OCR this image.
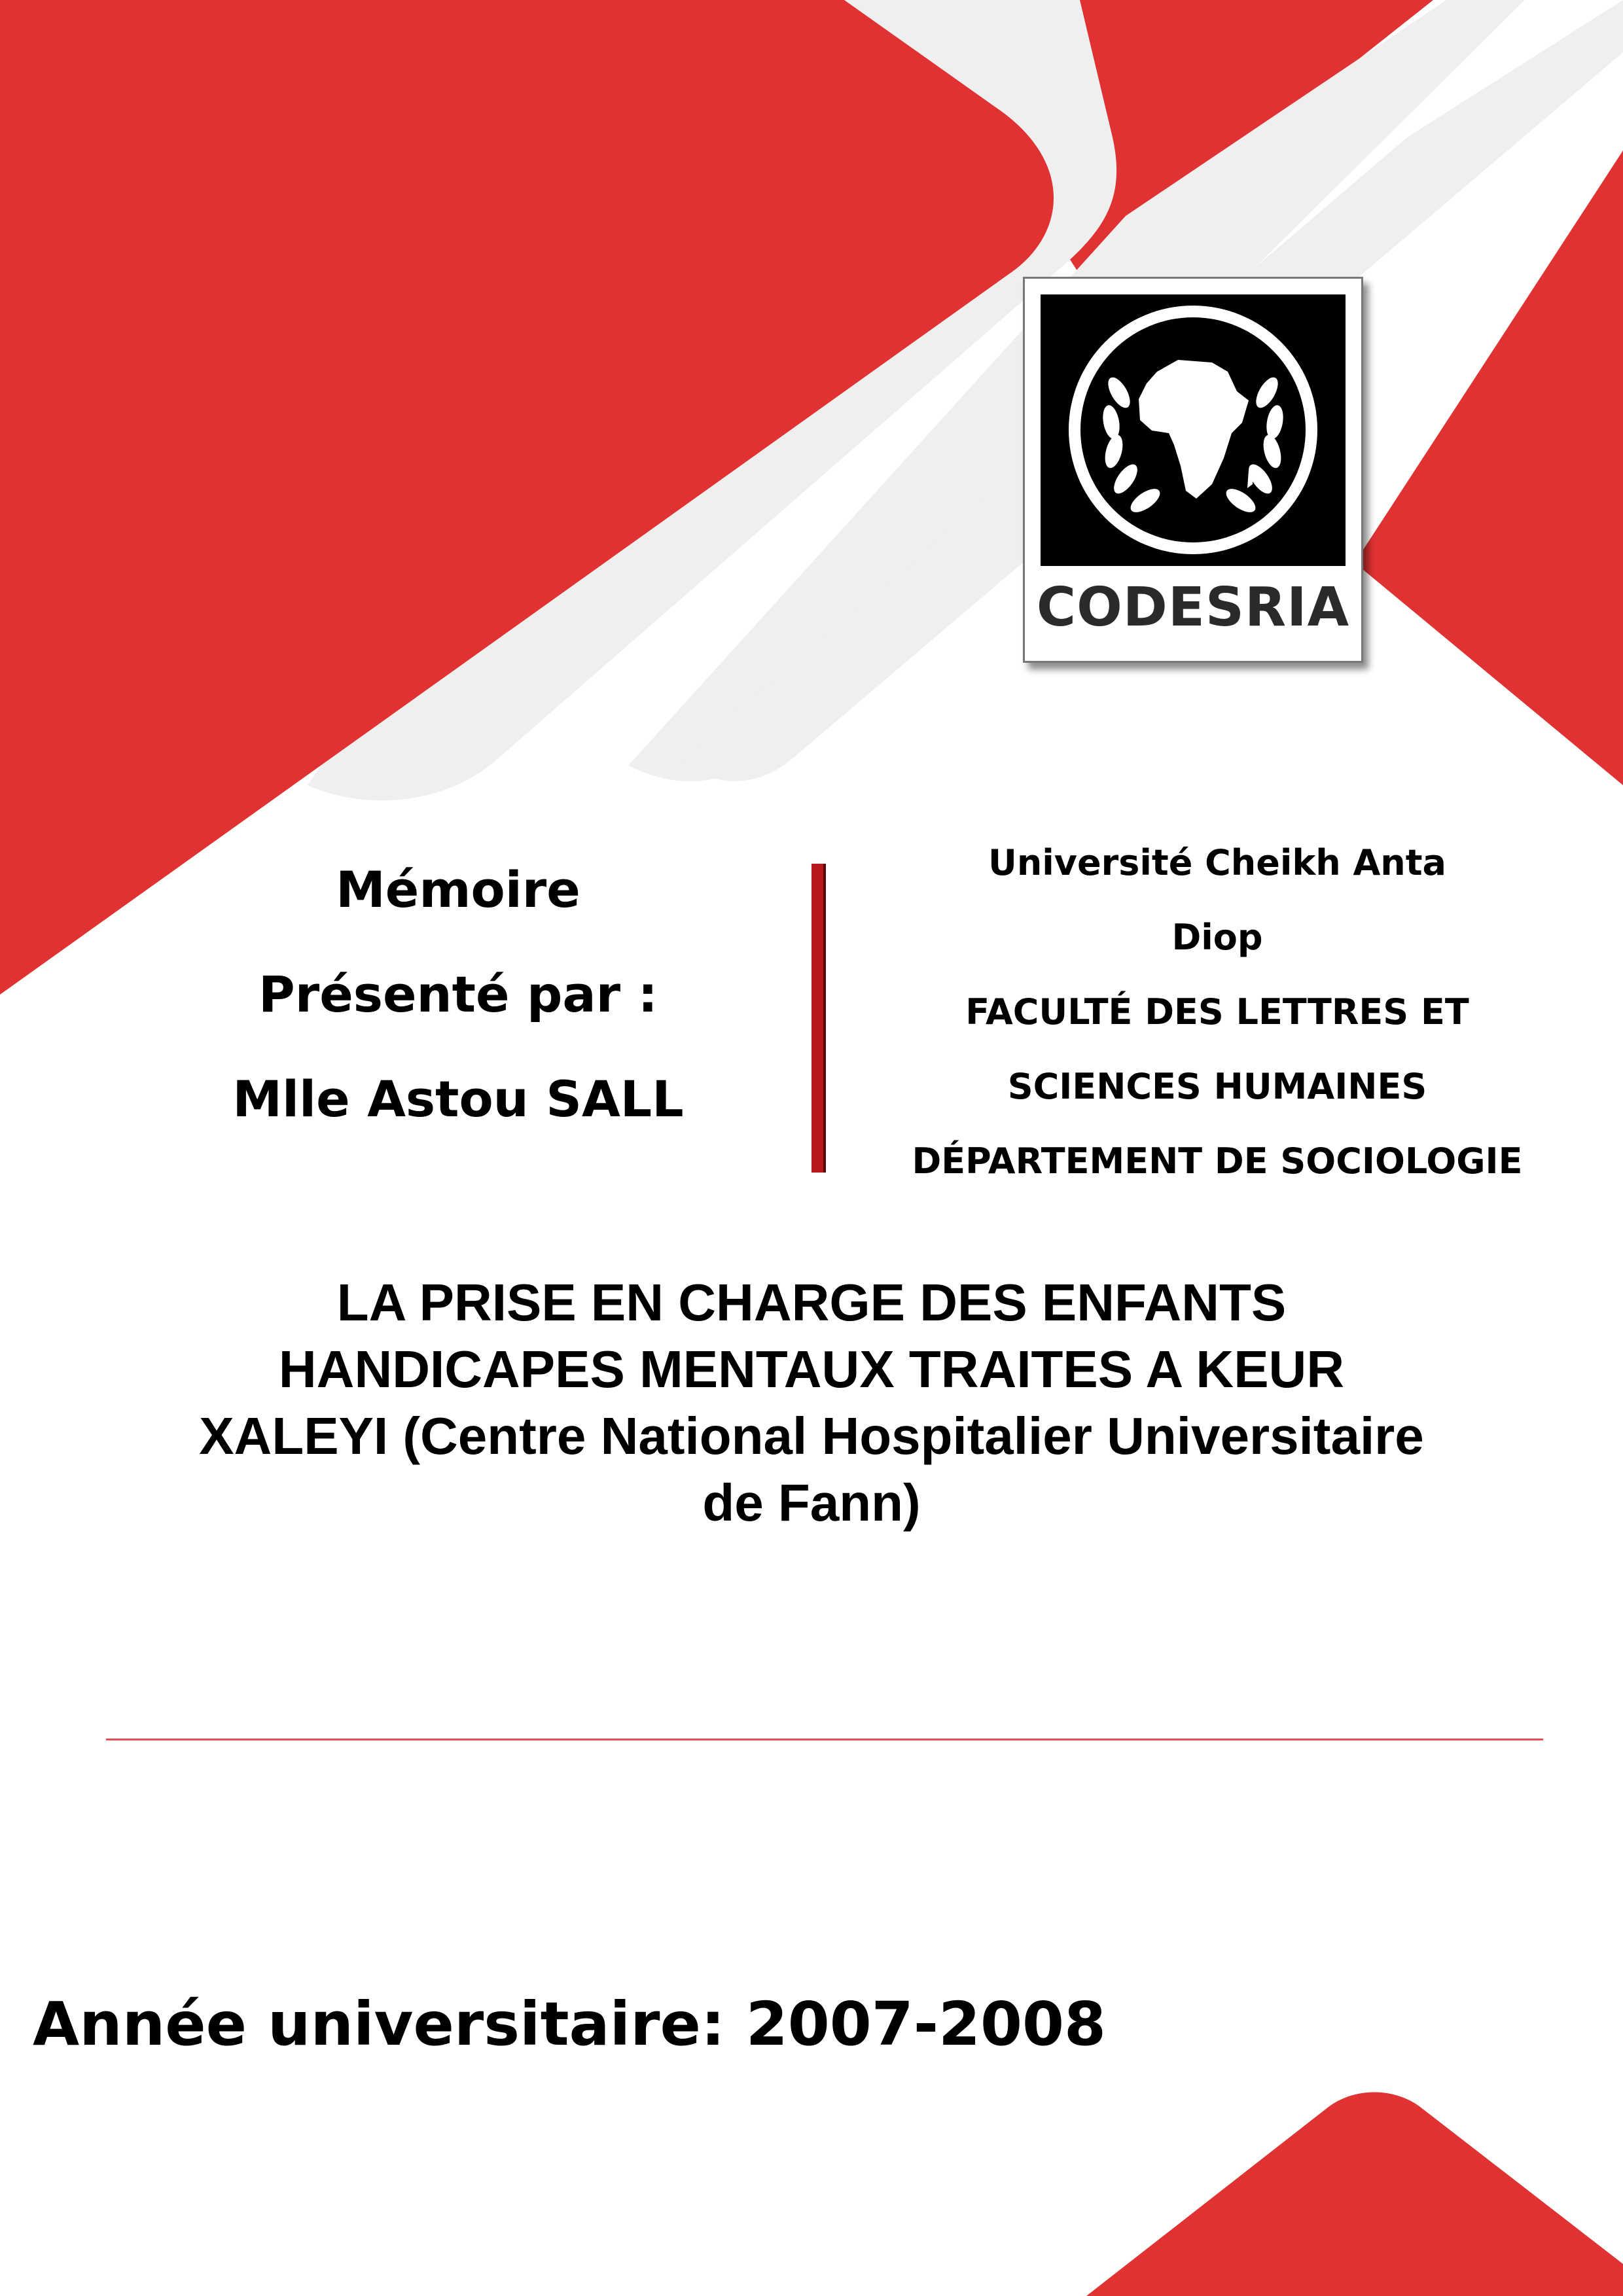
CODESRIA
Mémoire
Présenté par :
Mlle Astou SALL
Université Cheikh Anta
Diop
FACULTÉ DES LETTRES ET
SCIENCES HUMAINES
DÉPARTEMENT DE SOCIOLOGIE
LA PRISE EN CHARGE DES ENFANTS
HANDICAPES MENTAUX TRAITES A KEUR
XALEYI (Centre National Hospitalier Universitaire
de Fann)
Année universitaire: 2007-2008
